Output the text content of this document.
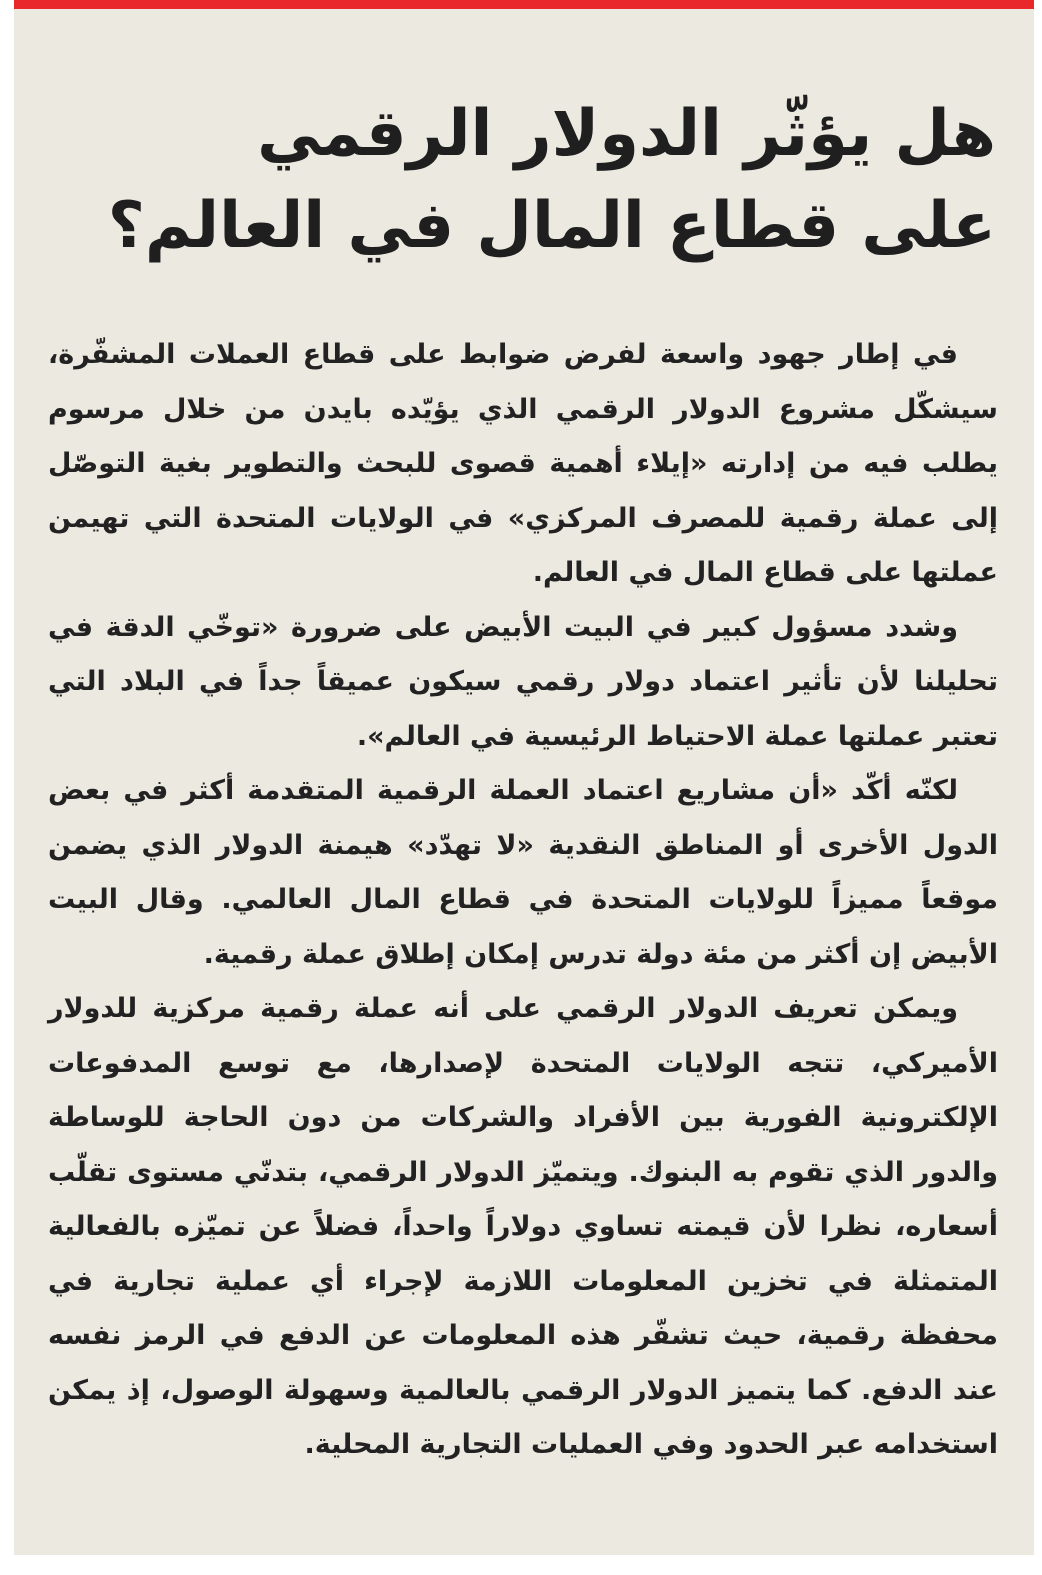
هل يؤثّر الدولار الرقمي
على قطاع المال في العالم؟

في إطار جهود واسعة لفرض ضوابط على قطاع العملات المشفّرة، سيشكّل مشروع الدولار الرقمي الذي يؤيّده بايدن من خلال مرسوم يطلب فيه من إدارته «إيلاء أهمية قصوى للبحث والتطوير بغية التوصّل إلى عملة رقمية للمصرف المركزي» في الولايات المتحدة التي تهيمن عملتها على قطاع المال في العالم.

وشدد مسؤول كبير في البيت الأبيض على ضرورة «توخّي الدقة في تحليلنا لأن تأثير اعتماد دولار رقمي سيكون عميقاً جداً في البلاد التي تعتبر عملتها عملة الاحتياط الرئيسية في العالم».

لكنّه أكّد «أن مشاريع اعتماد العملة الرقمية المتقدمة أكثر في بعض الدول الأخرى أو المناطق النقدية «لا تهدّد» هيمنة الدولار الذي يضمن موقعاً مميزاً للولايات المتحدة في قطاع المال العالمي. وقال البيت الأبيض إن أكثر من مئة دولة تدرس إمكان إطلاق عملة رقمية.

ويمكن تعريف الدولار الرقمي على أنه عملة رقمية مركزية للدولار الأميركي، تتجه الولايات المتحدة لإصدارها، مع توسع المدفوعات الإلكترونية الفورية بين الأفراد والشركات من دون الحاجة للوساطة والدور الذي تقوم به البنوك. ويتميّز الدولار الرقمي، بتدنّي مستوى تقلّب أسعاره، نظرا لأن قيمته تساوي دولاراً واحداً، فضلاً عن تميّزه بالفعالية المتمثلة في تخزين المعلومات اللازمة لإجراء أي عملية تجارية في محفظة رقمية، حيث تشفّر هذه المعلومات عن الدفع في الرمز نفسه عند الدفع. كما يتميز الدولار الرقمي بالعالمية وسهولة الوصول، إذ يمكن استخدامه عبر الحدود وفي العمليات التجارية المحلية.
